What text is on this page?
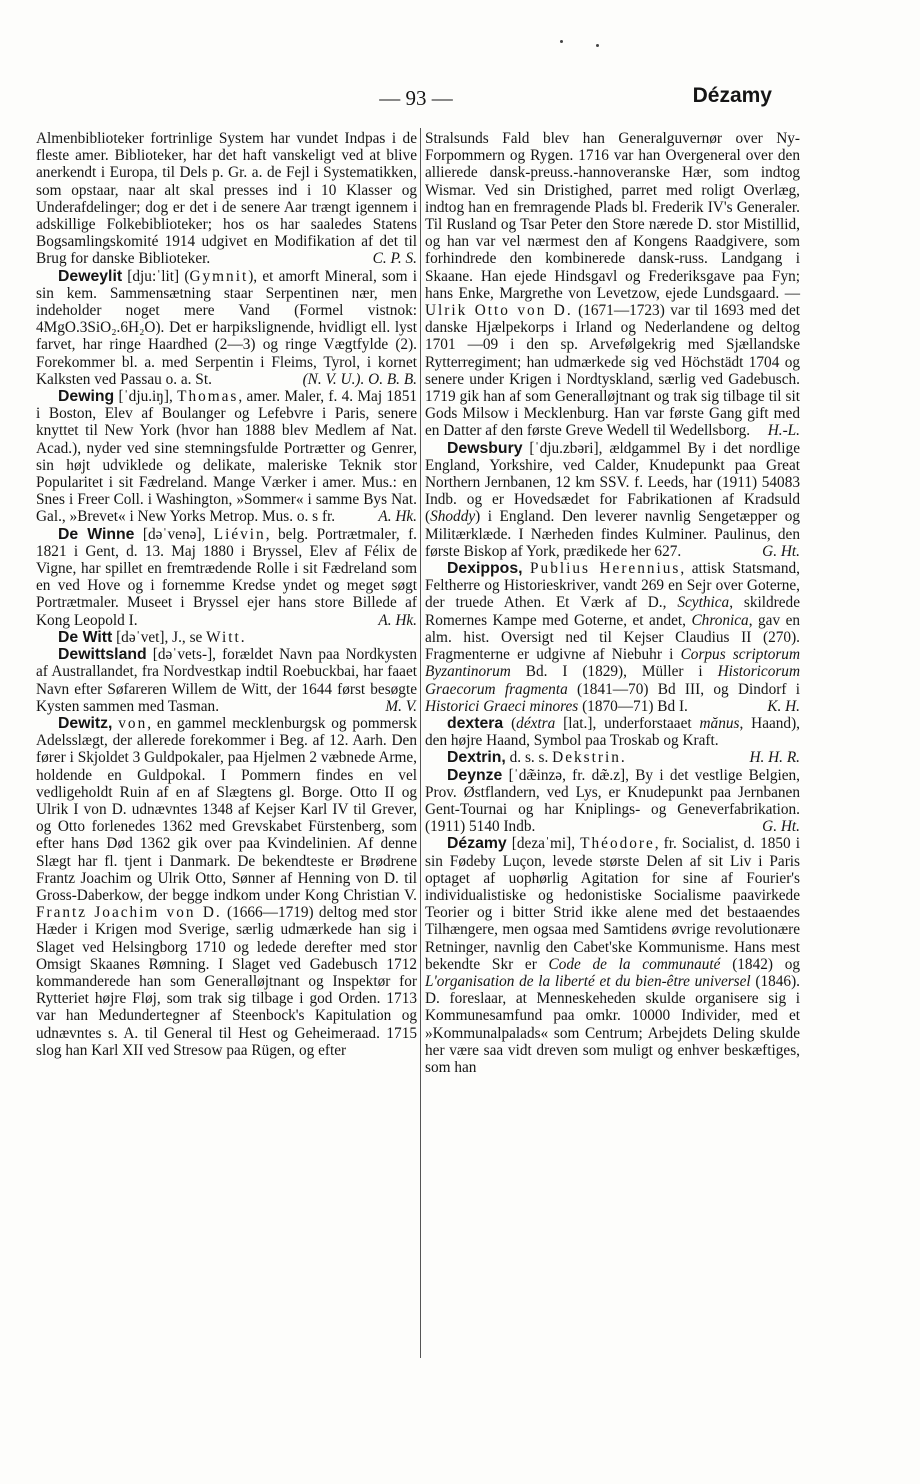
— 93 —	Dézamy

Almenbiblioteker fortrinlige System har vundet Indpas i de fleste amer. Biblioteker, har det haft vanskeligt ved at blive anerkendt i Europa, til Dels p. Gr. a. de Fejl i Systematikken, som opstaar, naar alt skal presses ind i 10 Klasser og Underafdelinger; dog er det i de senere Aar trængt igennem i adskillige Folkebiblioteker; hos os har saaledes Statens Bogsamlingskomité 1914 udgivet en Modifikation af det til Brug for danske Biblioteker.	C. P. S.

Deweylit [dju:ˈlit] (Gymnit), et amorft Mineral, som i sin kem. Sammensætning staar Serpentinen nær, men indeholder noget mere Vand (Formel vistnok: 4MgO.3SiO₂.6H₂O). Det er harpikslignende, hvidligt ell. lyst farvet, har ringe Haardhed (2—3) og ringe Vægtfylde (2). Forekommer bl. a. med Serpentin i Fleims, Tyrol, i kornet Kalksten ved Passau o. a. St.	(N. V. U.). O. B. B.

Dewing [ˈdju.iŋ], Thomas, amer. Maler, f. 4. Maj 1851 i Boston, Elev af Boulanger og Lefebvre i Paris, senere knyttet til New York (hvor han 1888 blev Medlem af Nat. Acad.), nyder ved sine stemningsfulde Portrætter og Genrer, sin højt udviklede og delikate, maleriske Teknik stor Popularitet i sit Fædreland. Mange Værker i amer. Mus.: en Snes i Freer Coll. i Washington, »Sommer« i samme Bys Nat. Gal., »Brevet« i New Yorks Metrop. Mus. o. s fr.	A. Hk.

De Winne [dəˈvenə], Liévin, belg. Portrætmaler, f. 1821 i Gent, d. 13. Maj 1880 i Bryssel, Elev af Félix de Vigne, har spillet en fremtrædende Rolle i sit Fædreland som en ved Hove og i fornemme Kredse yndet og meget søgt Portrætmaler. Museet i Bryssel ejer hans store Billede af Kong Leopold I.	A. Hk.

De Witt [dəˈvet], J., se Witt.

Dewittsland [dəˈvets-], forældet Navn paa Nordkysten af Australlandet, fra Nordvestkap indtil Roebuckbai, har faaet Navn efter Søfareren Willem de Witt, der 1644 først besøgte Kysten sammen med Tasman.	M. V.

Dewitz, von, en gammel mecklenburgsk og pommersk Adelsslægt, der allerede forekommer i Beg. af 12. Aarh. Den fører i Skjoldet 3 Guldpokaler, paa Hjelmen 2 væbnede Arme, holdende en Guldpokal. I Pommern findes en vel vedligeholdt Ruin af en af Slægtens gl. Borge. Otto II og Ulrik I von D. udnævntes 1348 af Kejser Karl IV til Grever, og Otto forlenedes 1362 med Grevskabet Fürstenberg, som efter hans Død 1362 gik over paa Kvindelinien. Af denne Slægt har fl. tjent i Danmark. De bekendteste er Brødrene Frantz Joachim og Ulrik Otto, Sønner af Henning von D. til Gross-Daberkow, der begge indkom under Kong Christian V. Frantz Joachim von D. (1666—1719) deltog med stor Hæder i Krigen mod Sverige, særlig udmærkede han sig i Slaget ved Helsingborg 1710 og ledede derefter med stor Omsigt Skaanes Rømning. I Slaget ved Gadebusch 1712 kommanderede han som Generalløjtnant og Inspektør for Rytteriet højre Fløj, som trak sig tilbage i god Orden. 1713 var han Medundertegner af Steenbock's Kapitulation og udnævntes s. A. til General til Hest og Geheimeraad. 1715 slog han Karl XII ved Stresow paa Rügen, og efter

Stralsunds Fald blev han Generalguvernør over Ny-Forpommern og Rygen. 1716 var han Overgeneral over den allierede dansk-preuss.-hannoveranske Hær, som indtog Wismar. Ved sin Dristighed, parret med roligt Overlæg, indtog han en fremragende Plads bl. Frederik IV's Generaler. Til Rusland og Tsar Peter den Store nærede D. stor Mistillid, og han var vel nærmest den af Kongens Raadgivere, som forhindrede den kombinerede dansk-russ. Landgang i Skaane. Han ejede Hindsgavl og Frederiksgave paa Fyn; hans Enke, Margrethe von Levetzow, ejede Lundsgaard. — Ulrik Otto von D. (1671—1723) var til 1693 med det danske Hjælpekorps i Irland og Nederlandene og deltog 1701 —09 i den sp. Arvefølgekrig med Sjællandske Rytterregiment; han udmærkede sig ved Höchstädt 1704 og senere under Krigen i Nordtyskland, særlig ved Gadebusch. 1719 gik han af som Generalløjtnant og trak sig tilbage til sit Gods Milsow i Mecklenburg. Han var første Gang gift med en Datter af den første Greve Wedell til Wedellsborg.	H.-L.

Dewsbury [ˈdju.zbəri], ældgammel By i det nordlige England, Yorkshire, ved Calder, Knudepunkt paa Great Northern Jernbanen, 12 km SSV. f. Leeds, har (1911) 54083 Indb. og er Hovedsædet for Fabrikationen af Kradsuld (Shoddy) i England. Den leverer navnlig Sengetæpper og Militærklæde. I Nærheden findes Kulminer. Paulinus, den første Biskop af York, prædikede her 627.	G. Ht.

Dexippos, Publius Herennius, attisk Statsmand, Feltherre og Historieskriver, vandt 269 en Sejr over Goterne, der truede Athen. Et Værk af D., Scythica, skildrede Romernes Kampe med Goterne, et andet, Chronica, gav en alm. hist. Oversigt ned til Kejser Claudius II (270). Fragmenterne er udgivne af Niebuhr i Corpus scriptorum Byzantinorum Bd. I (1829), Müller i Historicorum Graecorum fragmenta (1841—70) Bd III, og Dindorf i Historici Graeci minores (1870—71) Bd I.	K. H.

dextera (déxtra [lat.], underforstaaet mănus, Haand), den højre Haand, Symbol paa Troskab og Kraft.
H. H. R.

Dextrin, d. s. s. Dekstrin.

Deynze [ˈdæ̃inzə, fr. dæ̃.z], By i det vestlige Belgien, Prov. Østflandern, ved Lys, er Knudepunkt paa Jernbanen Gent-Tournai og har Kniplings- og Geneverfabrikation. (1911) 5140 Indb.	G. Ht.

Dézamy [dezaˈmi], Théodore, fr. Socialist, d. 1850 i sin Fødeby Luçon, levede største Delen af sit Liv i Paris optaget af uophørlig Agitation for sine af Fourier's individualistiske og hedonistiske Socialisme paavirkede Teorier og i bitter Strid ikke alene med det bestaaendes Tilhængere, men ogsaa med Samtidens øvrige revolutionære Retninger, navnlig den Cabet'ske Kommunisme. Hans mest bekendte Skr er Code de la communauté (1842) og L'organisation de la liberté et du bien-être universel (1846). D. foreslaar, at Menneskeheden skulde organisere sig i Kommunesamfund paa omkr. 10000 Individer, med et »Kommunalpalads« som Centrum; Arbejdets Deling skulde her være saa vidt dreven som muligt og enhver beskæftiges, som han
